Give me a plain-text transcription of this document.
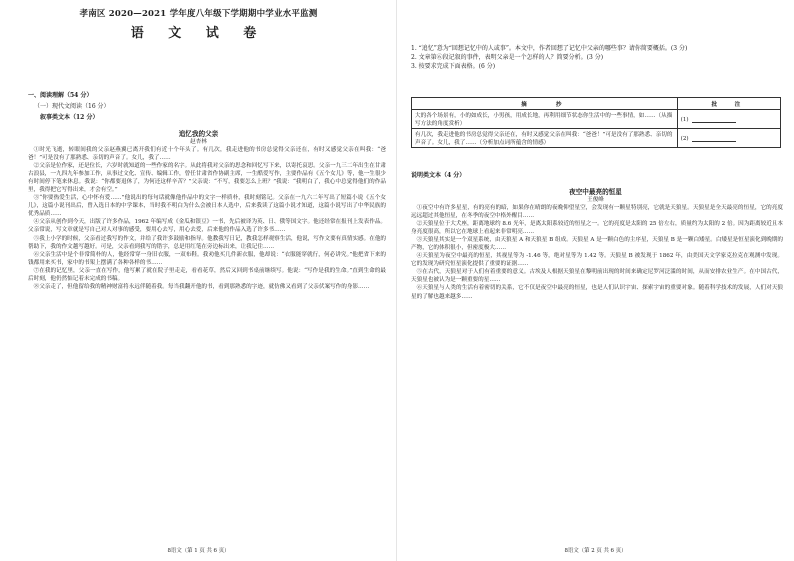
孝南区 2020—2021 学年度八年级下学期期中学业水平监测
语 文 试 卷
一、阅读理解（54 分）
（一）现代文阅读（16 分）
叙事类文本（12 分）
追忆我的父亲
赵杏林

①时光飞逝，转眼间我的父亲赵燕翼已离开我们有近十个年头了。有几次，我走进他的书房总觉得父亲还在，有时又感觉父亲在叫我：“爸爸！”可是没有了那熟悉、亲切的声音了。女儿，我了……

②父亲是位作家，还是位长，六岁时就知道的一些作家的名字。从此将我对父亲的思念和回忆写下来，以寄托哀思。父亲一九三二年出生在甘肃古浪县，一九四九年参加工作，从事过文化、宣传、编辑工作，曾任甘肃省作协副主席，一生酷爱写作，主要作品有《五个女儿》等，他一生很少有时间停下笔来休息。我说：“你都要退休了，为何还这样辛苦？”父亲说：“不写，我要怎么上班？”我说：“我明白了，我心中总觉得他们的作品里，我得把它写得出来，才会有空。”

③“你要热爱生活，心中怀有爱……”他说出的每句话就像他作品中的文字一样质朴，我时刻铭记。父亲在一九六二年写出了短篇小说《五个女儿》，这篇小说刊出后，曾入选日本的中学课本，当时我不明白为什么会被日本人选中，后来我读了这篇小说才知道，这篇小说写出了中华民族的优秀品质……

④父亲从创作到今天，出版了许多作品，1962 年编写成《金瓜和银豆》一书，先后被译为英、日、俄等国文字。他还经常在报刊上发表作品。父亲常说，写文章就是写自己对人对事的感受，要用心去写，用心去爱，后来他的作品入选了许多书……

⑤我上小学的时候，父亲看过我写的作文，并给了我许多鼓励和指导。他教我写日记，教我怎样观察生活，他说，写作文要有真情实感。在他的帮助下，我的作文越写越好。可是，父亲看到我写的错字，总是用红笔在旁边标出来，让我记住……

⑥父亲生活中是个非常简朴的人，他经常穿一身旧衣服，一双布鞋。我劝他买几件新衣服，他却说：“衣服能穿就行，何必讲究。”他把省下来的钱都用来买书，家中的书架上摆满了各种各样的书……

⑦在我的记忆里，父亲一直在写作，他写累了就在院子里走走，看看花草，然后又回到书桌前继续写。他说：“写作是我的生命。”直到生命的最后时刻，他仍然惦记着未完成的书稿。

⑧父亲走了，但他留给我的精神财富将永远伴随着我。每当我翻开他的书，看到那熟悉的字迹，就仿佛又看到了父亲伏案写作的身影……

8语文（第 1 页 共 6 页）

1. “追忆”意为“回想记忆中的人或事”。本文中，作者回想了记忆中父亲的哪些事？请你简要概括。(3 分)

2. 文章第⑥段记叙的事件，表明父亲是一个怎样的人？简要分析。(3 分)

3. 按要求完成下面表格。(6 分)

摘　　抄	批　注
大的各个场景有，小的如成长，小男孩，用成长地，再利用细节状态你生活中的一些事情，如……（从描写方法的角度赏析）	(1)
有几次，我走进他的书房总觉得父亲还在，有时又感觉父亲在叫我：“爸爸！”可是没有了那熟悉、亲切的声音了。女儿，我了……（分析加点词所蕴含的情感）	(2)
说明类文本（4 分）
夜空中最亮的恒星
王俊峰

①夜空中有许多星星，有的亮有的暗，如果你在晴朗的夜晚仰望星空，会发现有一颗星特别亮，它就是天狼星。天狼星是全天最亮的恒星，它的亮度远远超过其他恒星，在冬季的夜空中格外醒目……

②天狼星位于大犬座，距离地球约 8.6 光年，是离太阳系较近的恒星之一。它的亮度是太阳的 25 倍左右，质量约为太阳的 2 倍。因为距离较近且本身亮度很高，所以它在地球上看起来非常明亮……

③天狼星其实是一个双星系统，由天狼星 A 和天狼星 B 组成。天狼星 A 是一颗白色的主序星，天狼星 B 是一颗白矮星。白矮星是恒星演化到晚期的产物，它的体积很小，但密度极大……

④天狼星为夜空中最亮的恒星，其视星等为 -1.46 等，绝对星等为 1.42 等。天狼星 B 被发现于 1862 年，由美国天文学家克拉克在观测中发现。它的发现为研究恒星演化提供了重要的证据……

⑤在古代，天狼星对于人们有着重要的意义。古埃及人根据天狼星在黎明前出现的时间来确定尼罗河泛滥的时间，从而安排农业生产。在中国古代，天狼星也被认为是一颗重要的星……

⑥天狼星与人类的生活有着密切的关系，它不仅是夜空中最亮的恒星，也是人们认识宇宙、探索宇宙的重要对象。随着科学技术的发展，人们对天狼星的了解也越来越多……

8语文（第 2 页 共 6 页）
